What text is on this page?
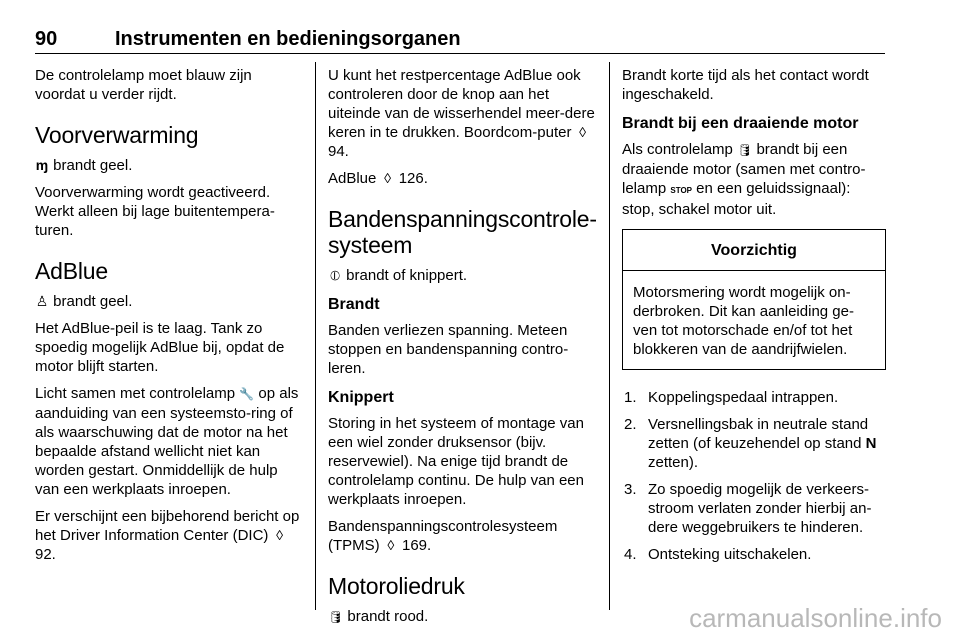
90	Instrumenten en bedieningsorganen

De controlelamp moet blauw zijn voordat u verder rijdt.

Voorverwarming

ɱ brandt geel.

Voorverwarming wordt geactiveerd. Werkt alleen bij lage buitentempera-turen.

AdBlue

♙ brandt geel.

Het AdBlue-peil is te laag. Tank zo spoedig mogelijk AdBlue bij, opdat de motor blijft starten.

Licht samen met controlelamp 🔧 op als aanduiding van een systeemsto-ring of als waarschuwing dat de motor na het bepaalde afstand wellicht niet kan worden gestart. Onmiddellijk de hulp van een werkplaats inroepen.

Er verschijnt een bijbehorend bericht op het Driver Information Center (DIC) ◊ 92.

U kunt het restpercentage AdBlue ook controleren door de knop aan het uiteinde van de wisserhendel meer-dere keren in te drukken. Boordcom-puter ◊ 94.

AdBlue ◊ 126.

Bandenspanningscontrole-systeem

⦶ brandt of knippert.

Brandt

Banden verliezen spanning. Meteen stoppen en bandenspanning contro-leren.

Knippert

Storing in het systeem of montage van een wiel zonder druksensor (bijv. reservewiel). Na enige tijd brandt de controlelamp continu. De hulp van een werkplaats inroepen.

Bandenspanningscontrolesysteem (TPMS) ◊ 169.

Motoroliedruk

🛢 brandt rood.

Brandt korte tijd als het contact wordt ingeschakeld.

Brandt bij een draaiende motor

Als controlelamp 🛢 brandt bij een draaiende motor (samen met contro-lelamp STOP en een geluidssignaal): stop, schakel motor uit.

Voorzichtig
Motorsmering wordt mogelijk on-derbroken. Dit kan aanleiding ge-ven tot motorschade en/of tot het blokkeren van de aandrijfwielen.
1. Koppelingspedaal intrappen.
2. Versnellingsbak in neutrale stand zetten (of keuzehendel op stand N zetten).
3. Zo spoedig mogelijk de verkeers-stroom verlaten zonder hierbij an-dere weggebruikers te hinderen.
4. Ontsteking uitschakelen.
carmanualsonline.info
